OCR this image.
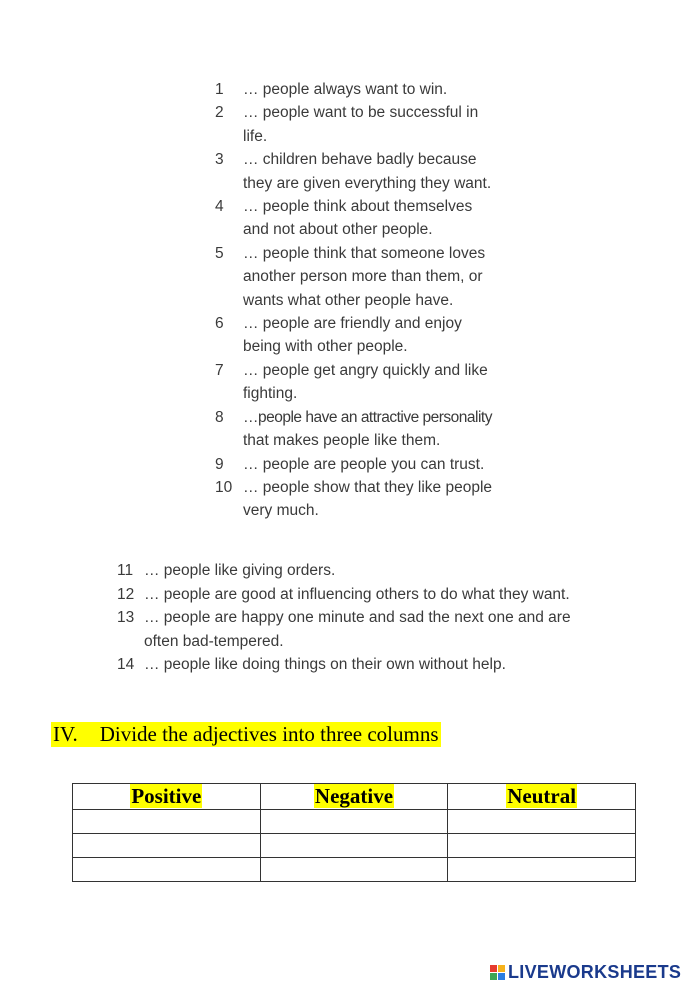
1 … people always want to win.
2 … people want to be successful in
life.
3 … children behave badly because
they are given everything they want.
4 … people think about themselves
and not about other people.
5 … people think that someone loves
another person more than them, or
wants what other people have.
6 … people are friendly and enjoy
being with other people.
7 … people get angry quickly and like
fighting.
8 …people have an attractive personality
that makes people like them.
9 … people are people you can trust.
10 … people show that they like people
very much.
11 … people like giving orders.
12 … people are good at influencing others to do what they want.
13 … people are happy one minute and sad the next one and are
often bad-tempered.
14 … people like doing things on their own without help.
IV. Divide the adjectives into three columns
Positive	Negative	Neutral

LIVEWORKSHEETS
